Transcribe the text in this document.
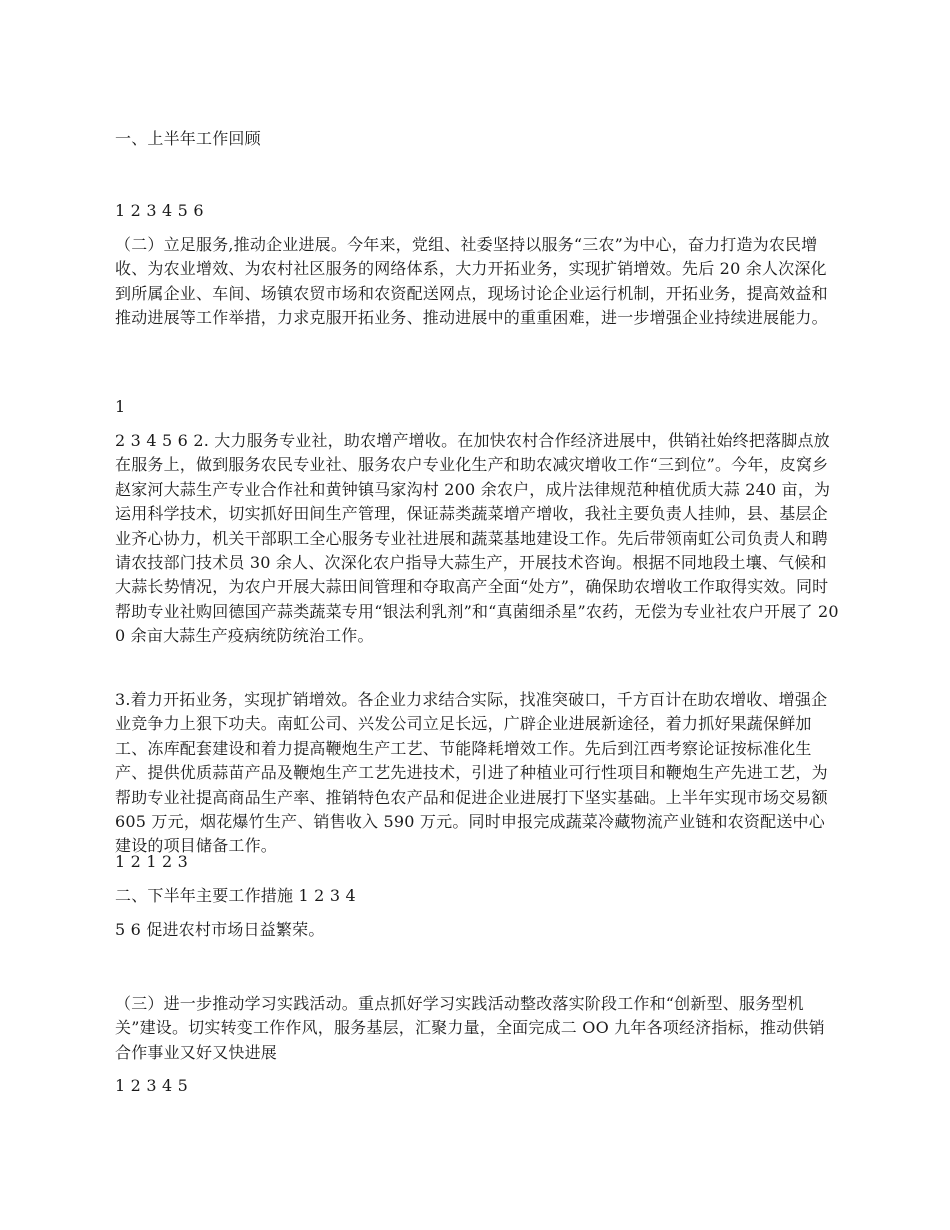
一、上半年工作回顾
1 2 3 4 5 6
（二）立足服务,推动企业进展。今年来，党组、社委坚持以服务“三农”为中心，奋力打造为农民增收、为农业增效、为农村社区服务的网络体系，大力开拓业务，实现扩销增效。先后 20 余人次深化到所属企业、车间、场镇农贸市场和农资配送网点，现场讨论企业运行机制，开拓业务，提高效益和推动进展等工作举措，力求克服开拓业务、推动进展中的重重困难，进一步增强企业持续进展能力。
1
2 3 4 5 6 2. 大力服务专业社，助农增产增收。在加快农村合作经济进展中，供销社始终把落脚点放在服务上，做到服务农民专业社、服务农户专业化生产和助农减灾增收工作“三到位”。今年，皮窝乡赵家河大蒜生产专业合作社和黄钟镇马家沟村 200 余农户，成片法律规范种植优质大蒜 240 亩，为运用科学技术，切实抓好田间生产管理，保证蒜类蔬菜增产增收，我社主要负责人挂帅，县、基层企业齐心协力，机关干部职工全心服务专业社进展和蔬菜基地建设工作。先后带领南虹公司负责人和聘请农技部门技术员 30 余人、次深化农户指导大蒜生产，开展技术咨询。根据不同地段土壤、气候和大蒜长势情况，为农户开展大蒜田间管理和夺取高产全面“处方”，确保助农增收工作取得实效。同时帮助专业社购回德国产蒜类蔬菜专用“银法利乳剂”和“真菌细杀星”农药，无偿为专业社农户开展了 200 余亩大蒜生产疫病统防统治工作。
3.着力开拓业务，实现扩销增效。各企业力求结合实际，找准突破口，千方百计在助农增收、增强企业竞争力上狠下功夫。南虹公司、兴发公司立足长远，广辟企业进展新途径，着力抓好果蔬保鲜加工、冻库配套建设和着力提高鞭炮生产工艺、节能降耗增效工作。先后到江西考察论证按标准化生产、提供优质蒜苗产品及鞭炮生产工艺先进技术，引进了种植业可行性项目和鞭炮生产先进工艺，为帮助专业社提高商品生产率、推销特色农产品和促进企业进展打下坚实基础。上半年实现市场交易额 605 万元，烟花爆竹生产、销售收入 590 万元。同时申报完成蔬菜冷藏物流产业链和农资配送中心建设的项目储备工作。
1 2 1 2 3
二、下半年主要工作措施 1 2 3 4
5 6 促进农村市场日益繁荣。
（三）进一步推动学习实践活动。重点抓好学习实践活动整改落实阶段工作和“创新型、服务型机关”建设。切实转变工作作风，服务基层，汇聚力量，全面完成二 OO 九年各项经济指标，推动供销合作事业又好又快进展
1 2 3 4 5
